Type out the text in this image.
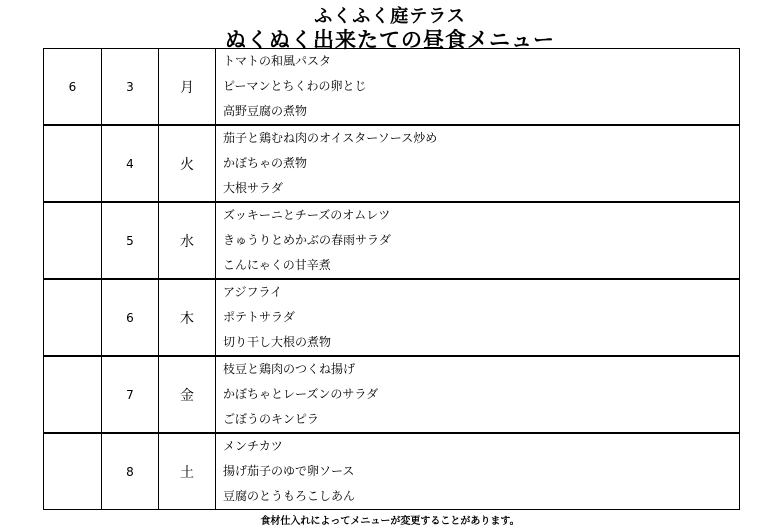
ふくふく庭テラス
ぬくぬく出来たての昼食メニュー
6	3	月	トマトの和風パスタ
ピーマンとちくわの卵とじ
高野豆腐の煮物

	4	火	茄子と鶏むね肉のオイスターソース炒め
かぼちゃの煮物
大根サラダ

	5	水	ズッキーニとチーズのオムレツ
きゅうりとめかぶの春雨サラダ
こんにゃくの甘辛煮

	6	木	アジフライ
ポテトサラダ
切り干し大根の煮物

	7	金	枝豆と鶏肉のつくね揚げ
かぼちゃとレーズンのサラダ
ごぼうのキンピラ

	8	土	メンチカツ
揚げ茄子のゆで卵ソース
豆腐のとうもろこしあん
食材仕入れによってメニューが変更することがあります。
